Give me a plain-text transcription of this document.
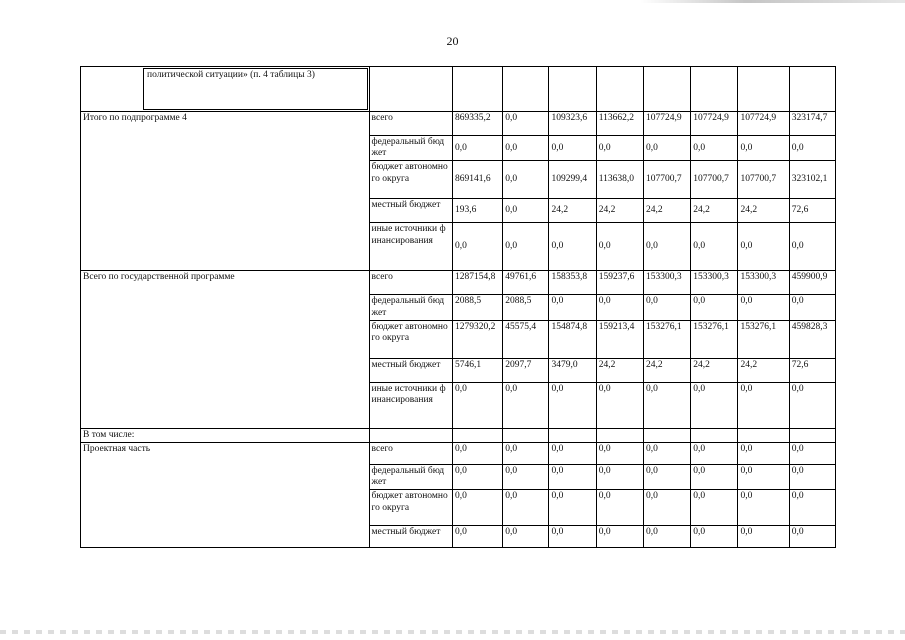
20
политической ситуации» (п. 4 таблицы 3)									

Итого по подпрограмме 4	всего	869335,2	0,0	109323,6	113662,2	107724,9	107724,9	107724,9	323174,7
	федеральный бюджет	0,0	0,0	0,0	0,0	0,0	0,0	0,0	0,0
	бюджет автономного округа	869141,6	0,0	109299,4	113638,0	107700,7	107700,7	107700,7	323102,1
	местный бюджет	193,6	0,0	24,2	24,2	24,2	24,2	24,2	72,6
	иные источники финансирования	0,0	0,0	0,0	0,0	0,0	0,0	0,0	0,0
Всего по государственной программе	всего	1287154,8	49761,6	158353,8	159237,6	153300,3	153300,3	153300,3	459900,9
	федеральный бюджет	2088,5	2088,5	0,0	0,0	0,0	0,0	0,0	0,0
	бюджет автономного округа	1279320,2	45575,4	154874,8	159213,4	153276,1	153276,1	153276,1	459828,3
	местный бюджет	5746,1	2097,7	3479,0	24,2	24,2	24,2	24,2	72,6
	иные источники финансирования	0,0	0,0	0,0	0,0	0,0	0,0	0,0	0,0
В том числе:									
Проектная часть	всего	0,0	0,0	0,0	0,0	0,0	0,0	0,0	0,0
	федеральный бюджет	0,0	0,0	0,0	0,0	0,0	0,0	0,0	0,0
	бюджет автономного округа	0,0	0,0	0,0	0,0	0,0	0,0	0,0	0,0
	местный бюджет	0,0	0,0	0,0	0,0	0,0	0,0	0,0	0,0
